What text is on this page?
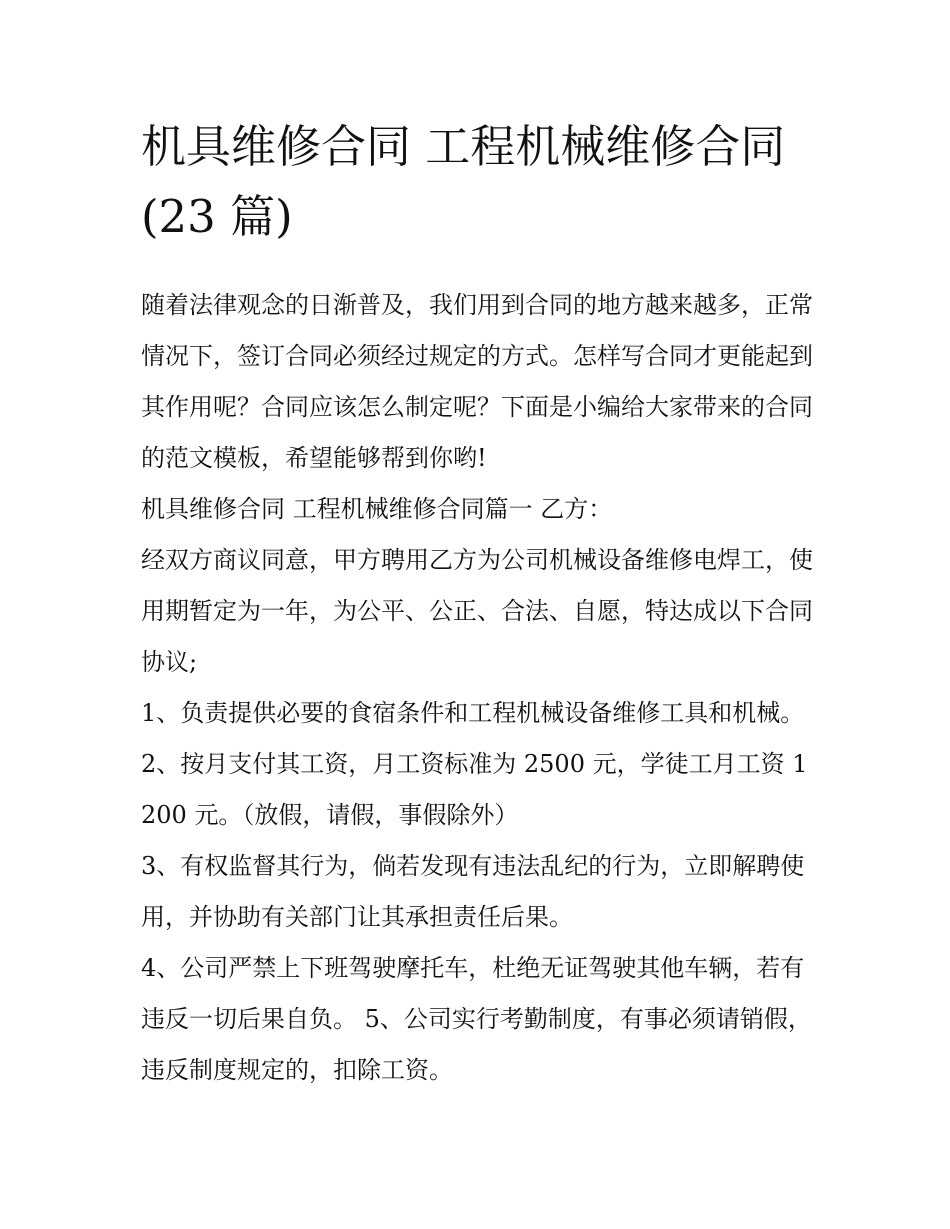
机具维修合同 工程机械维修合同(23 篇)

随着法律观念的日渐普及，我们用到合同的地方越来越多，正常情况下，签订合同必须经过规定的方式。怎样写合同才更能起到其作用呢？合同应该怎么制定呢？下面是小编给大家带来的合同的范文模板，希望能够帮到你哟!

机具维修合同 工程机械维修合同篇一 乙方：

经双方商议同意，甲方聘用乙方为公司机械设备维修电焊工，使用期暂定为一年，为公平、公正、合法、自愿，特达成以下合同协议;

1、负责提供必要的食宿条件和工程机械设备维修工具和机械。 2、按月支付其工资，月工资标准为 2500 元，学徒工月工资 1200 元。（放假，请假，事假除外）

3、有权监督其行为，倘若发现有违法乱纪的行为，立即解聘使用，并协助有关部门让其承担责任后果。

4、公司严禁上下班驾驶摩托车，杜绝无证驾驶其他车辆，若有违反一切后果自负。 5、公司实行考勤制度，有事必须请销假，违反制度规定的，扣除工资。
